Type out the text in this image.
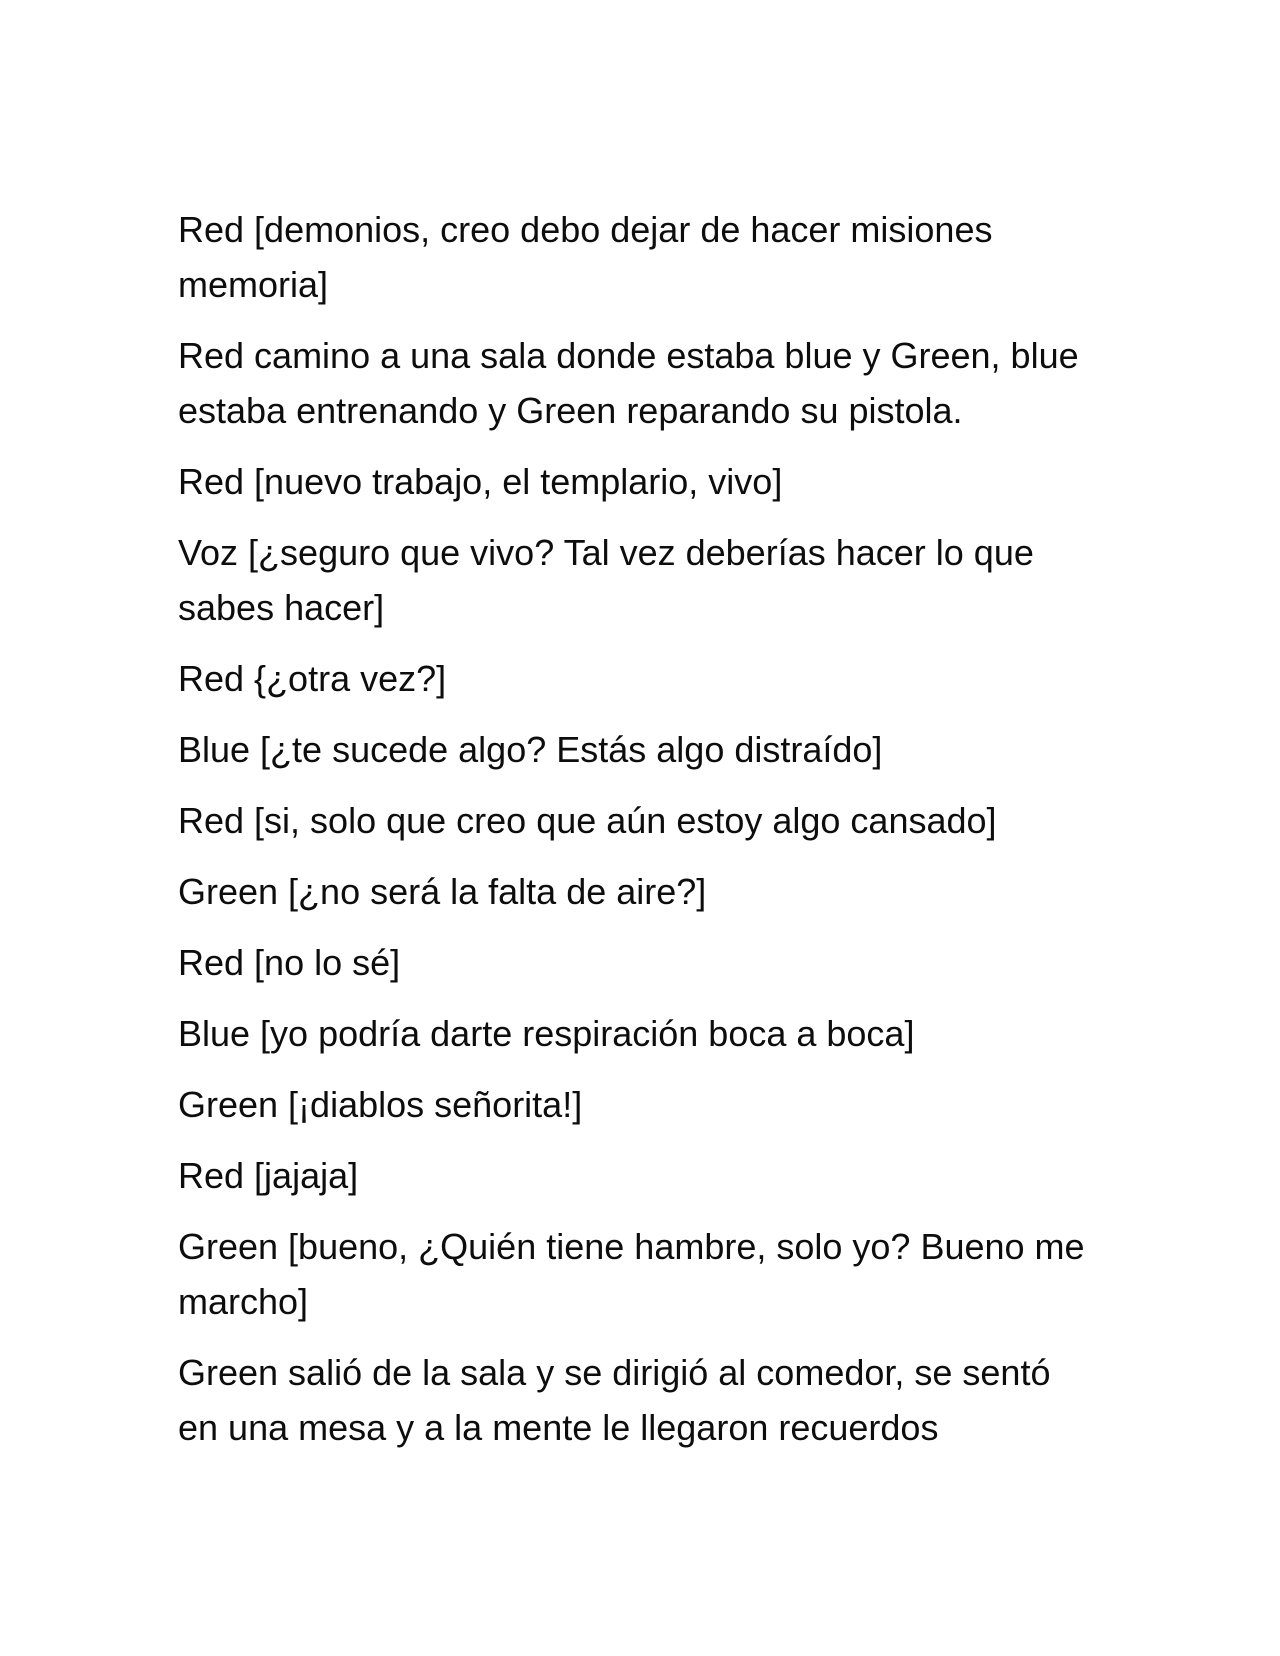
Red [demonios, creo debo dejar de hacer misiones memoria]

Red camino a una sala donde estaba blue y Green, blue estaba entrenando y Green reparando su pistola.

Red [nuevo trabajo, el templario, vivo]

Voz [¿seguro que vivo? Tal vez deberías hacer lo que sabes hacer]

Red {¿otra vez?]

Blue [¿te sucede algo? Estás algo distraído]

Red [si, solo que creo que aún estoy algo cansado]

Green [¿no será la falta de aire?]

Red [no lo sé]

Blue [yo podría darte respiración boca a boca]

Green [¡diablos señorita!]

Red [jajaja]

Green [bueno, ¿Quién tiene hambre, solo yo? Bueno me marcho]

Green salió de la sala y se dirigió al comedor, se sentó en una mesa y a la mente le llegaron recuerdos
